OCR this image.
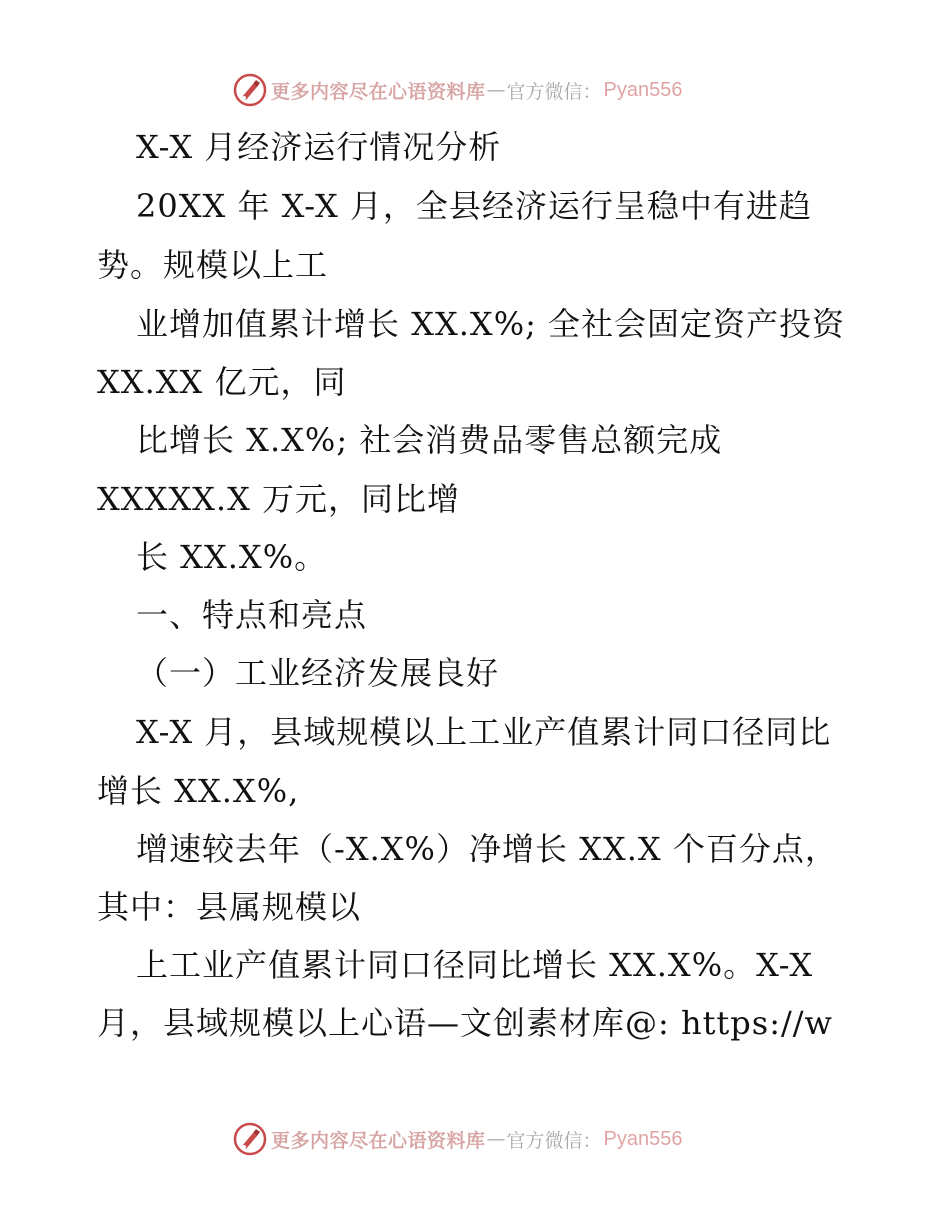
更多内容尽在心语资料库 — 官方微信： Pyan556
X-X 月经济运行情况分析
20XX 年 X-X 月，全县经济运行呈稳中有进趋
势。规模以上工
业增加值累计增长 XX.X%; 全社会固定资产投资
XX.XX 亿元，同
比增长 X.X%; 社会消费品零售总额完成
XXXXX.X 万元，同比增
长 XX.X%。
一、特点和亮点
（一）工业经济发展良好
X-X 月，县域规模以上工业产值累计同口径同比
增长 XX.X%,
增速较去年（-X.X%）净增长 XX.X 个百分点，
其中：县属规模以
上工业产值累计同口径同比增长 XX.X%。X-X
月，县域规模以上心语—文创素材库@: https://w
更多内容尽在心语资料库 — 官方微信： Pyan556
